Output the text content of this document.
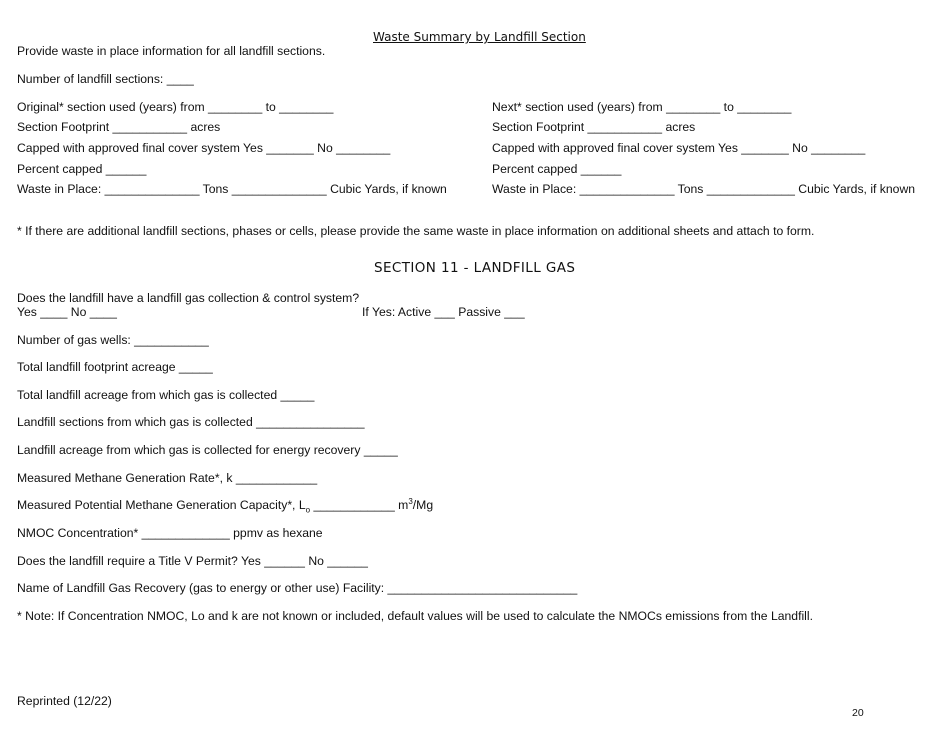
Waste Summary by Landfill Section
Provide waste in place information for all landfill sections.
Number of landfill sections: ____
Original* section used (years) from ________ to ________
Section Footprint ___________ acres
Capped with approved final cover system Yes _______ No ________
Percent capped ______
Waste in Place: ______________ Tons ______________ Cubic Yards, if known
Next* section used (years) from ________ to ________
Section Footprint ___________ acres
Capped with approved final cover system Yes _______ No ________
Percent capped ______
Waste in Place: ______________ Tons _____________ Cubic Yards, if known
* If there are additional landfill sections, phases or cells, please provide the same waste in place information on additional sheets and attach to form.
SECTION 11 - LANDFILL GAS
Does the landfill have a landfill gas collection & control system?
Yes ____ No ____	If Yes: Active ___ Passive ___
Number of gas wells: ___________
Total landfill footprint acreage _____
Total landfill acreage from which gas is collected _____
Landfill sections from which gas is collected ________________
Landfill acreage from which gas is collected for energy recovery _____
Measured Methane Generation Rate*, k ____________
Measured Potential Methane Generation Capacity*, $L_o$ ____________ $m^3/Mg$
NMOC Concentration* _____________ ppmv as hexane
Does the landfill require a Title V Permit? Yes ______ No ______
Name of Landfill Gas Recovery (gas to energy or other use) Facility: ____________________________
* Note: If Concentration NMOC, Lo and k are not known or included, default values will be used to calculate the NMOCs emissions from the Landfill.
Reprinted (12/22)
20
